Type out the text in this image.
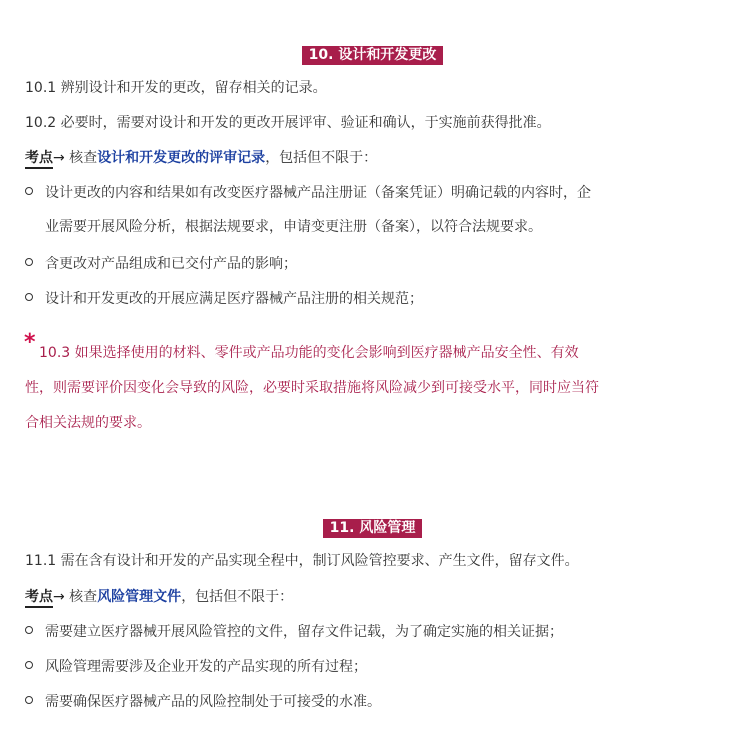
10. 设计和开发更改
10.1 辨别设计和开发的更改，留存相关的记录。
10.2 必要时，需要对设计和开发的更改开展评审、验证和确认，于实施前获得批准。
考点→ 核查设计和开发更改的评审记录，包括但不限于：
设计更改的内容和结果如有改变医疗器械产品注册证（备案凭证）明确记载的内容时，企
业需要开展风险分析，根据法规要求，申请变更注册（备案），以符合法规要求。
含更改对产品组成和已交付产品的影响；
设计和开发更改的开展应满足医疗器械产品注册的相关规范；
* 10.3 如果选择使用的材料、零件或产品功能的变化会影响到医疗器械产品安全性、有效
性，则需要评价因变化会导致的风险，必要时采取措施将风险减少到可接受水平，同时应当符
合相关法规的要求。
11. 风险管理
11.1 需在含有设计和开发的产品实现全程中，制订风险管控要求、产生文件，留存文件。
考点→ 核查风险管理文件，包括但不限于：
需要建立医疗器械开展风险管控的文件，留存文件记载，为了确定实施的相关证据；
风险管理需要涉及企业开发的产品实现的所有过程；
需要确保医疗器械产品的风险控制处于可接受的水准。
